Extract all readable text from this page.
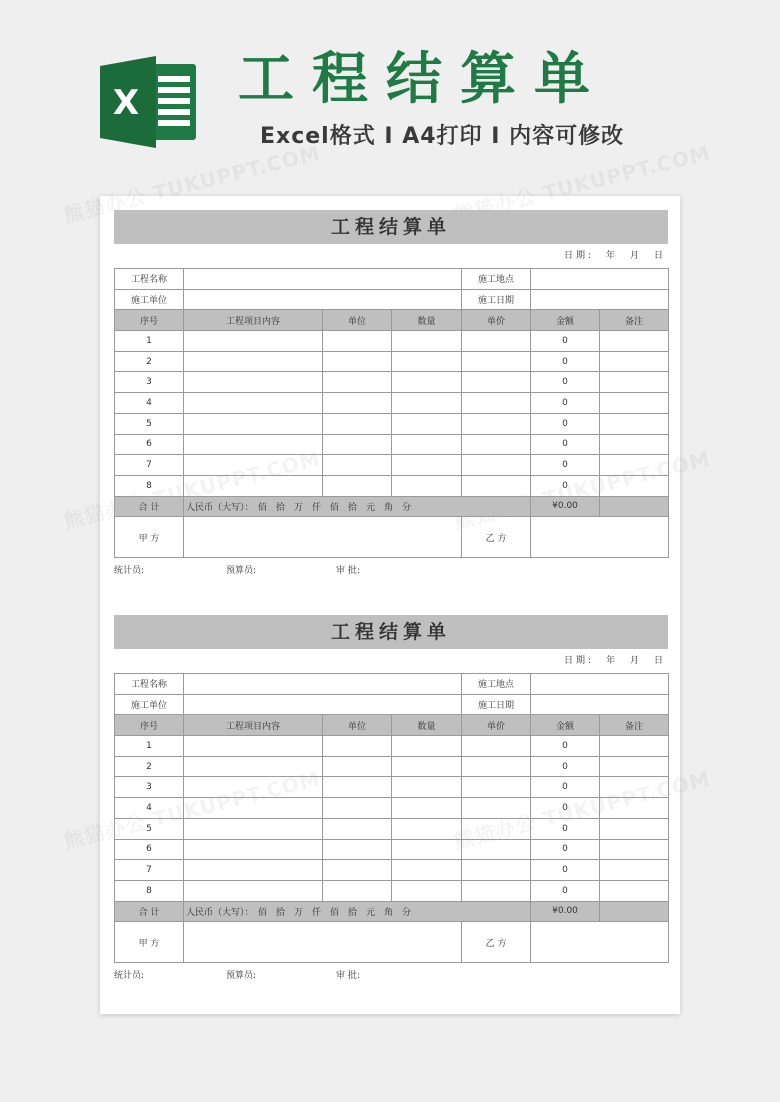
X 工程结算单
Excel格式 I A4打印 I 内容可修改
工程结算单
日期:　年　月　日
工程名称				施工地点		
施工单位				施工日期		
序号	工程项目内容	单位	数量	单价	金额	备注
1					0	
2					0	
3					0	
4					0	
5					0	
6					0	
7					0	
8					0	
合 计	人民币（大写）：　佰　拾　万　仟　佰　拾　元　角　分				¥0.00	
甲 方				乙 方		
统计员:	预算员:	审 批:
工程结算单
日期:　年　月　日
工程名称				施工地点		
施工单位				施工日期		
序号	工程项目内容	单位	数量	单价	金额	备注
1					0	
2					0	
3					0	
4					0	
5					0	
6					0	
7					0	
8					0	
合 计	人民币（大写）：　佰　拾　万　仟　佰　拾　元　角　分				¥0.00	
甲 方				乙 方		
统计员:	预算员:	审 批:
